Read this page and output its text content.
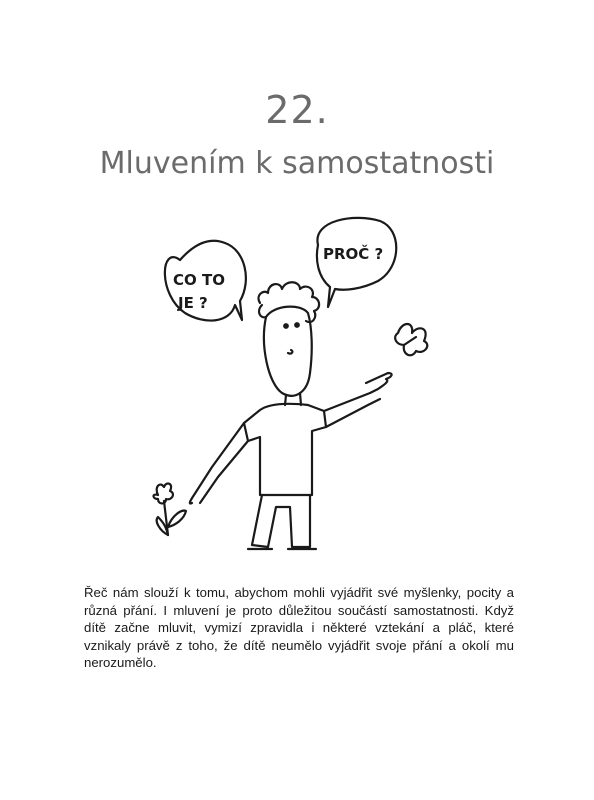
22.
Mluvením k samostatnosti
CO TO
JE ?
PROČ ?
Řeč nám slouží k tomu, abychom mohli vyjádřit své myšlenky, pocity a různá přání. I mluvení je proto důležitou součástí samostatnosti. Když dítě začne mluvit, vymizí zpravidla i některé vztekání a pláč, které vznikaly právě z toho, že dítě neumělo vyjádřit svoje přání a okolí mu nerozumělo.
